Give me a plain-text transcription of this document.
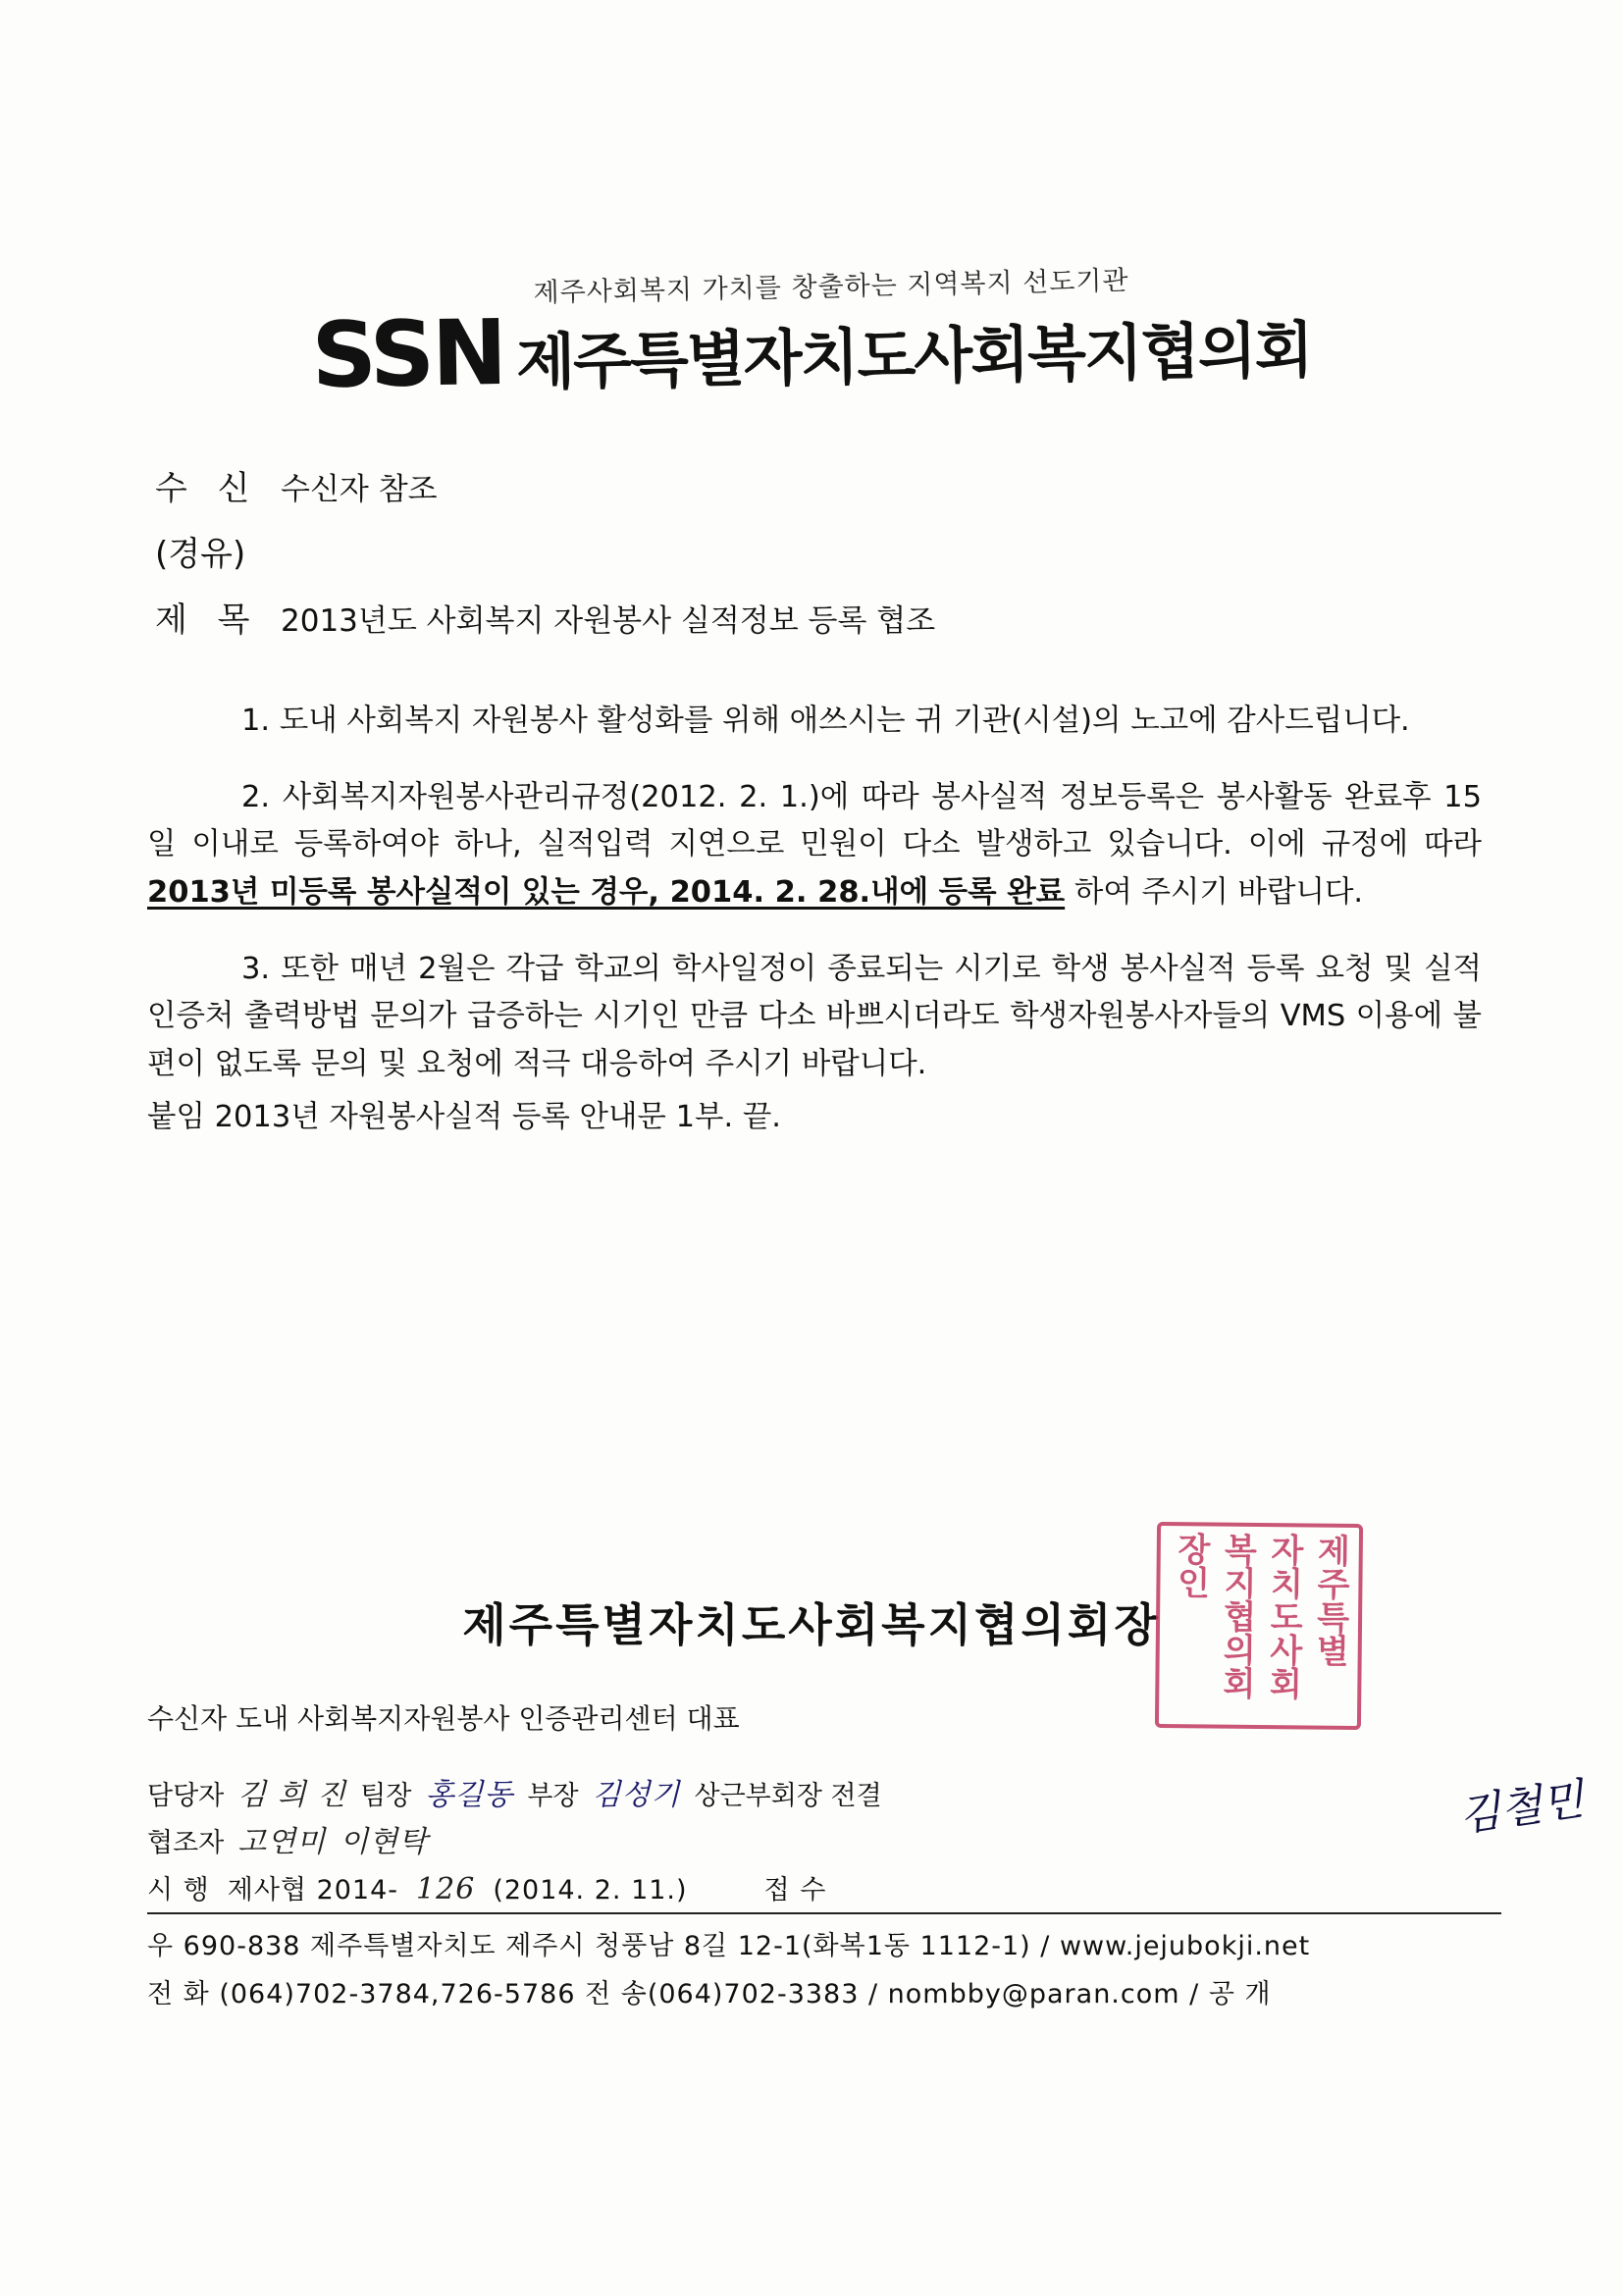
제주사회복지 가치를 창출하는 지역복지 선도기관
SSN 제주특별자치도사회복지협의회
수 신 수신자 참조
(경유)
제 목 2013년도 사회복지 자원봉사 실적정보 등록 협조

1. 도내 사회복지 자원봉사 활성화를 위해 애쓰시는 귀 기관(시설)의 노고에 감사드립니다.

2. 사회복지자원봉사관리규정(2012. 2. 1.)에 따라 봉사실적 정보등록은 봉사활동 완료후 15일 이내로 등록하여야 하나, 실적입력 지연으로 민원이 다소 발생하고 있습니다. 이에 규정에 따라 2013년 미등록 봉사실적이 있는 경우, 2014. 2. 28.내에 등록 완료 하여 주시기 바랍니다.

3. 또한 매년 2월은 각급 학교의 학사일정이 종료되는 시기로 학생 봉사실적 등록 요청 및 실적인증처 출력방법 문의가 급증하는 시기인 만큼 다소 바쁘시더라도 학생자원봉사자들의 VMS 이용에 불편이 없도록 문의 및 요청에 적극 대응하여 주시기 바랍니다.

붙임 2013년 자원봉사실적 등록 안내문 1부. 끝.

제주특별자치도사회복지협의회장	제주특별
자치도사회
복지협의회
장인
김철민
수신자 도내 사회복지자원봉사 인증관리센터 대표
담당자 김 희 진 팀장 홍길동 부장 김성기 상근부회장 전결
협조자 고연미 이현탁
시 행 제사협 2014- 126 (2014. 2. 11.)	접 수
우 690-838 제주특별자치도 제주시 청풍남 8길 12-1(화복1동 1112-1) / www.jejubokji.net
전 화 (064)702-3784,726-5786 전 송(064)702-3383 / nombby@paran.com / 공 개
